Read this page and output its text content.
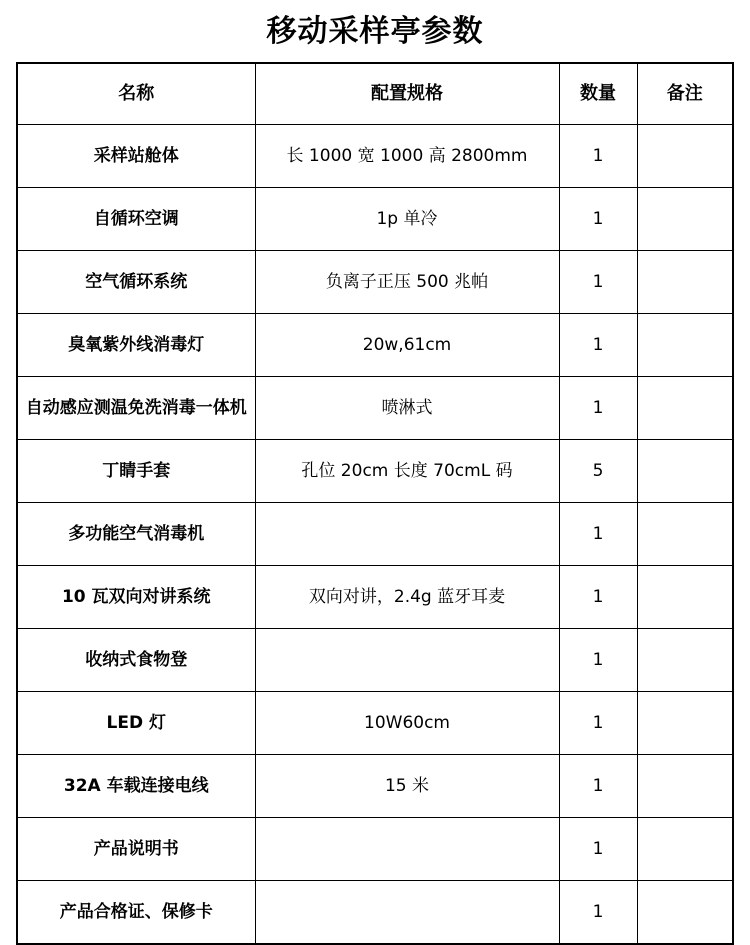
移动采样亭参数
名称	配置规格	数量	备注
采样站舱体	长 1000 宽 1000 高 2800mm	1	
自循环空调	1p 单冷	1	
空气循环系统	负离子正压 500 兆帕	1	
臭氧紫外线消毒灯	20w,61cm	1	
自动感应测温免洗消毒一体机	喷淋式	1	
丁睛手套	孔位 20cm 长度 70cmL 码	5	
多功能空气消毒机		1	
10 瓦双向对讲系统	双向对讲，2.4g 蓝牙耳麦	1	
收纳式食物登		1	
LED 灯	10W60cm	1	
32A 车载连接电线	15 米	1	
产品说明书		1	
产品合格证、保修卡		1	
